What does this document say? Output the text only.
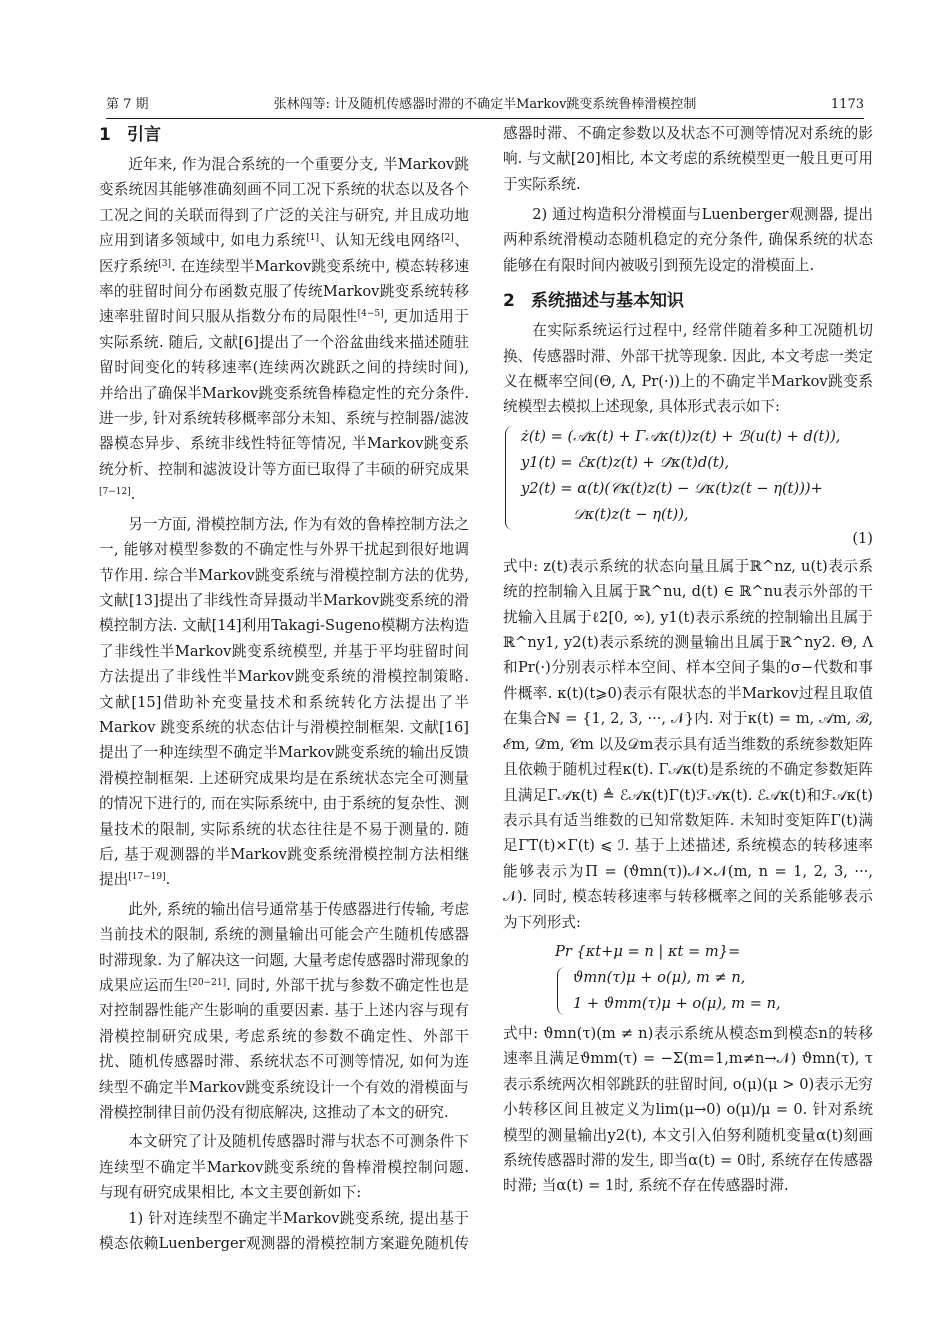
第 7 期	张林闯等: 计及随机传感器时滞的不确定半Markov跳变系统鲁棒滑模控制	1173
1 引言

近年来, 作为混合系统的一个重要分支, 半Markov跳变系统因其能够准确刻画不同工况下系统的状态以及各个工况之间的关联而得到了广泛的关注与研究, 并且成功地应用到诸多领域中, 如电力系统[1]、认知无线电网络[2]、医疗系统[3]. 在连续型半Markov跳变系统中, 模态转移速率的驻留时间分布函数克服了传统Markov跳变系统转移速率驻留时间只服从指数分布的局限性[4−5], 更加适用于实际系统. 随后, 文献[6]提出了一个浴盆曲线来描述随驻留时间变化的转移速率(连续两次跳跃之间的持续时间), 并给出了确保半Markov跳变系统鲁棒稳定性的充分条件. 进一步, 针对系统转移概率部分未知、系统与控制器/滤波器模态异步、系统非线性特征等情况, 半Markov跳变系统分析、控制和滤波设计等方面已取得了丰硕的研究成果[7−12].

另一方面, 滑模控制方法, 作为有效的鲁棒控制方法之一, 能够对模型参数的不确定性与外界干扰起到很好地调节作用. 综合半Markov跳变系统与滑模控制方法的优势, 文献[13]提出了非线性奇异摄动半Markov跳变系统的滑模控制方法. 文献[14]利用Takagi-Sugeno模糊方法构造了非线性半Markov跳变系统模型, 并基于平均驻留时间方法提出了非线性半Markov跳变系统的滑模控制策略. 文献[15]借助补充变量技术和系统转化方法提出了半Markov 跳变系统的状态估计与滑模控制框架. 文献[16]提出了一种连续型不确定半Markov跳变系统的输出反馈滑模控制框架. 上述研究成果均是在系统状态完全可测量的情况下进行的, 而在实际系统中, 由于系统的复杂性、测量技术的限制, 实际系统的状态往往是不易于测量的. 随后, 基于观测器的半Markov跳变系统滑模控制方法相继提出[17−19].

此外, 系统的输出信号通常基于传感器进行传输, 考虑当前技术的限制, 系统的测量输出可能会产生随机传感器时滞现象. 为了解决这一问题, 大量考虑传感器时滞现象的成果应运而生[20−21]. 同时, 外部干扰与参数不确定性也是对控制器性能产生影响的重要因素. 基于上述内容与现有滑模控制研究成果, 考虑系统的参数不确定性、外部干扰、随机传感器时滞、系统状态不可测等情况, 如何为连续型不确定半Markov跳变系统设计一个有效的滑模面与滑模控制律目前仍没有彻底解决, 这推动了本文的研究.

本文研究了计及随机传感器时滞与状态不可测条件下连续型不确定半Markov跳变系统的鲁棒滑模控制问题. 与现有研究成果相比, 本文主要创新如下:

1) 针对连续型不确定半Markov跳变系统, 提出基于模态依赖Luenberger观测器的滑模控制方案避免随机传

感器时滞、不确定参数以及状态不可测等情况对系统的影响. 与文献[20]相比, 本文考虑的系统模型更一般且更可用于实际系统.

2) 通过构造积分滑模面与Luenberger观测器, 提出两种系统滑模动态随机稳定的充分条件, 确保系统的状态能够在有限时间内被吸引到预先设定的滑模面上.

2 系统描述与基本知识

在实际系统运行过程中, 经常伴随着多种工况随机切换、传感器时滞、外部干扰等现象. 因此, 本文考虑一类定义在概率空间(Θ, Λ, Pr(·))上的不确定半Markov跳变系统模型去模拟上述现象, 具体形式表示如下:

ż(t) = (𝒜κ(t) + Γ𝒜κ(t))z(t) + ℬ(u(t) + d(t)),
y1(t) = ℰκ(t)z(t) + 𝒟̂κ(t)d(t),
y2(t) = α(t)(𝒞κ(t)z(t) − 𝒟κ(t)z(t − η(t)))+
𝒟κ(t)z(t − η(t)),
(1)

式中: z(t)表示系统的状态向量且属于ℝ^nz, u(t)表示系统的控制输入且属于ℝ^nu, d(t) ∈ ℝ^nu表示外部的干扰输入且属于ℓ2[0, ∞), y1(t)表示系统的控制输出且属于ℝ^ny1, y2(t)表示系统的测量输出且属于ℝ^ny2. Θ, Λ和Pr(·)分别表示样本空间、样本空间子集的σ−代数和事件概率. κ(t)(t⩾0)表示有限状态的半Markov过程且取值在集合ℕ = {1, 2, 3, ···, 𝒩}内. 对于κ(t) = m, 𝒜m, ℬ, ℰm, 𝒟̂m, 𝒞m 以及𝒟m表示具有适当维数的系统参数矩阵且依赖于随机过程κ(t). Γ𝒜κ(t)是系统的不确定参数矩阵且满足Γ𝒜κ(t) ≜ ℰ𝒜κ(t)Γ(t)ℱ𝒜κ(t). ℰ𝒜κ(t)和ℱ𝒜κ(t)表示具有适当维数的已知常数矩阵. 未知时变矩阵Γ(t)满足ΓT(t)×Γ(t) ⩽ ℐ. 基于上述描述, 系统模态的转移速率能够表示为Π = (ϑmn(τ))𝒩×𝒩(m, n = 1, 2, 3, ···, 𝒩). 同时, 模态转移速率与转移概率之间的关系能够表示为下列形式:

Pr {κt+μ = n | κt = m}=
ϑmn(τ)μ + o(μ), m ≠ n,
1 + ϑmm(τ)μ + o(μ), m = n,

式中: ϑmn(τ)(m ≠ n)表示系统从模态m到模态n的转移速率且满足ϑmm(τ) = −Σ(m=1,m≠n→𝒩) ϑmn(τ), τ表示系统两次相邻跳跃的驻留时间, o(μ)(μ > 0)表示无穷小转移区间且被定义为lim(μ→0) o(μ)/μ = 0. 针对系统模型的测量输出y2(t), 本文引入伯努利随机变量α(t)刻画系统传感器时滞的发生, 即当α(t) = 0时, 系统存在传感器时滞; 当α(t) = 1时, 系统不存在传感器时滞.
